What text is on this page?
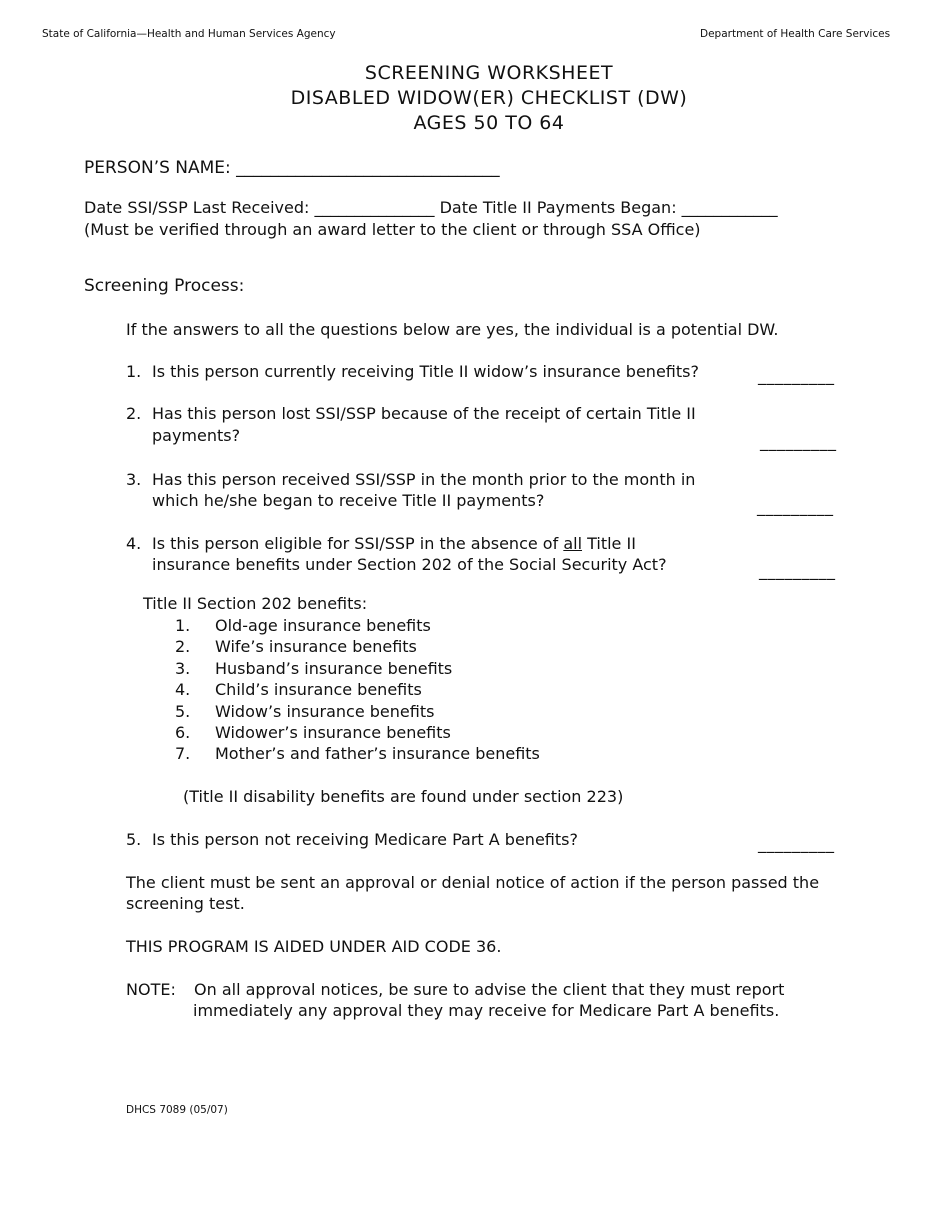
State of California—Health and Human Services Agency	Department of Health Care Services
SCREENING WORKSHEET
DISABLED WIDOW(ER) CHECKLIST (DW)
AGES 50 TO 64
PERSON’S NAME: _______________________________
Date SSI/SSP Last Received: _______________ Date Title II Payments Began: ____________
(Must be verified through an award letter to the client or through SSA Office)
Screening Process:
If the answers to all the questions below are yes, the individual is a potential DW.
1. Is this person currently receiving Title II widow’s insurance benefits?	_________
2. Has this person lost SSI/SSP because of the receipt of certain Title II
payments?	_________
3. Has this person received SSI/SSP in the month prior to the month in
which he/she began to receive Title II payments?	_________
4. Is this person eligible for SSI/SSP in the absence of all Title II
insurance benefits under Section 202 of the Social Security Act?	_________
Title II Section 202 benefits:
1. Old-age insurance benefits
2. Wife’s insurance benefits
3. Husband’s insurance benefits
4. Child’s insurance benefits
5. Widow’s insurance benefits
6. Widower’s insurance benefits
7. Mother’s and father’s insurance benefits
(Title II disability benefits are found under section 223)
5. Is this person not receiving Medicare Part A benefits?	_________
The client must be sent an approval or denial notice of action if the person passed the
screening test.
THIS PROGRAM IS AIDED UNDER AID CODE 36.
NOTE: On all approval notices, be sure to advise the client that they must report
immediately any approval they may receive for Medicare Part A benefits.
DHCS 7089 (05/07)
